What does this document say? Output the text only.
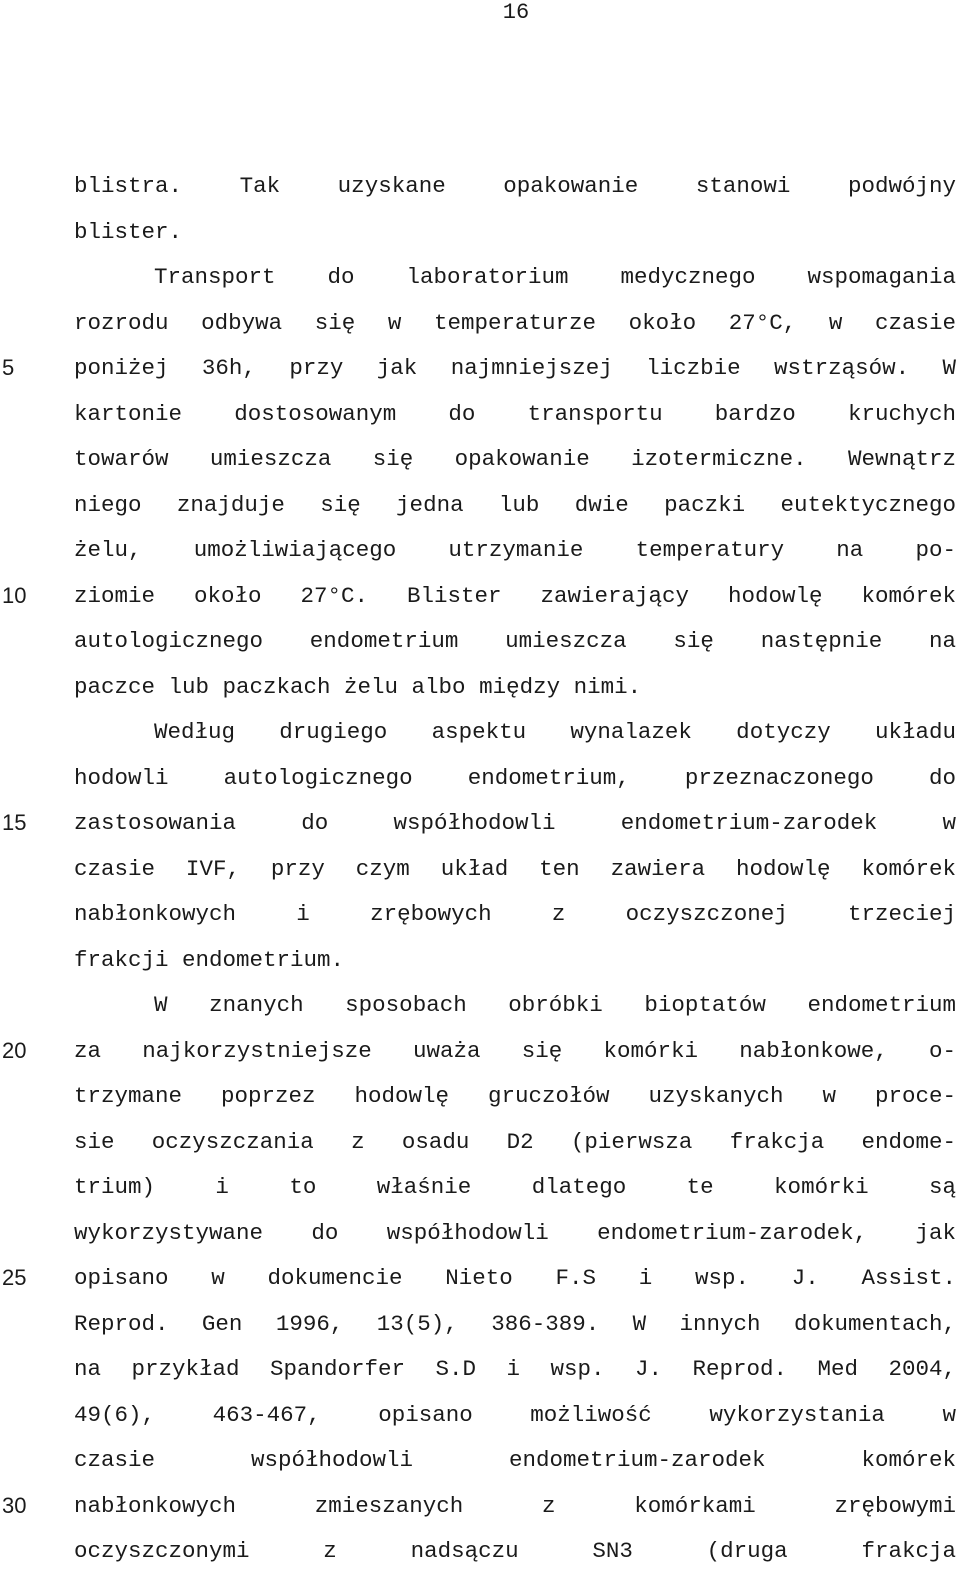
16
5
10
15
20
25
30
blistra. Tak uzyskane opakowanie stanowi podwójny
blister.
Transport do laboratorium medycznego wspomagania
rozrodu odbywa się w temperaturze około 27°C, w czasie
poniżej 36h, przy jak najmniejszej liczbie wstrząsów. W
kartonie dostosowanym do transportu bardzo kruchych
towarów umieszcza się opakowanie izotermiczne. Wewnątrz
niego znajduje się jedna lub dwie paczki eutektycznego
żelu, umożliwiającego utrzymanie temperatury na po-
ziomie około 27°C. Blister zawierający hodowlę komórek
autologicznego endometrium umieszcza się następnie na
paczce lub paczkach żelu albo między nimi.
Według drugiego aspektu wynalazek dotyczy układu
hodowli autologicznego endometrium, przeznaczonego do
zastosowania do współhodowli endometrium-zarodek w
czasie IVF, przy czym układ ten zawiera hodowlę komórek
nabłonkowych i zrębowych z oczyszczonej trzeciej
frakcji endometrium.
W znanych sposobach obróbki bioptatów endometrium
za najkorzystniejsze uważa się komórki nabłonkowe, o-
trzymane poprzez hodowlę gruczołów uzyskanych w proce-
sie oczyszczania z osadu D2 (pierwsza frakcja endome-
trium) i to właśnie dlatego te komórki są
wykorzystywane do współhodowli endometrium-zarodek, jak
opisano w dokumencie Nieto F.S i wsp. J. Assist.
Reprod. Gen 1996, 13(5), 386-389. W innych dokumentach,
na przykład Spandorfer S.D i wsp. J. Reprod. Med 2004,
49(6), 463-467, opisano możliwość wykorzystania w
czasie współhodowli endometrium-zarodek komórek
nabłonkowych zmieszanych z komórkami zrębowymi
oczyszczonymi z nadsączu SN3 (druga frakcja
